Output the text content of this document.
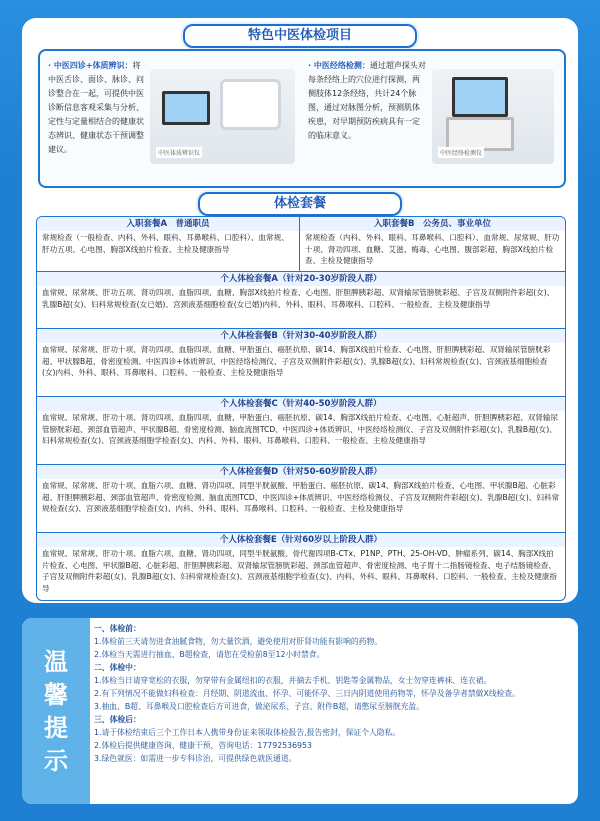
特色中医体检项目
· 中医四诊+体质辨识：将中医舌诊、面诊、脉诊、问诊整合在一起，可提供中医诊断信息客观采集与分析、定性与定量相结合的健康状态辨识、健康状态干预调整建议。	中医体质辨识仪
· 中医经络检测：通过超声探头对每条经络上的穴位进行探测，两侧肢体12条经络，共计24个脉图，通过对脉图分析，预测肌体疾患，对早期预防疾病具有一定的临床意义。
中医经络检测仪
体检套餐
入职套餐A　普通职员
常规检查（一般检查、内科、外科、眼科、耳鼻喉科、口腔科）、血常规、肝功五项、心电图、胸部X线拍片检查、主检及健康指导
入职套餐B　公务员、事业单位
常规检查（内科、外科、眼科、耳鼻喉科、口腔科）、血常规、尿常规、肝功十项、肾功四项、血糖、艾滋、梅毒、心电图、腹部彩超、胸部X线拍片检查、主检及健康指导
个人体检套餐A（针对20-30岁阶段人群）
血常规、尿常规、肝功五项、肾功四项、血脂四项、血糖、胸部X线拍片检查、心电图、肝胆脾胰彩超、双肾输尿管膀胱彩超、子宫及双侧附件彩超(女)、乳腺B超(女)、妇科常规检查(女已婚)、宫颈液基细胞检查(女已婚)内科、外科、眼科、耳鼻喉科、口腔科、一般检查、主检及健康指导
个人体检套餐B（针对30-40岁阶段人群）
血常规、尿常规、肝功十项、肾功四项、血脂四项、血糖、甲胎蛋白、癌胚抗原、碳14、胸部X线拍片检查、心电图、肝胆脾胰彩超、双肾输尿管膀胱彩超、甲状腺B超、骨密度检测、中医四诊+体质辨识、中医经络检测仪、子宫及双侧附件彩超(女)、乳腺B超(女)、妇科常规检查(女)、宫颈液基细胞检查(女)内科、外科、眼科、耳鼻喉科、口腔科、一般检查、主检及健康指导
个人体检套餐C（针对40-50岁阶段人群）
血常规、尿常规、肝功十项、肾功四项、血脂四项、血糖、甲胎蛋白、癌胚抗原、碳14、胸部X线拍片检查、心电图、心脏超声、肝胆脾胰彩超、双肾输尿管膀胱彩超、颈部血管超声、甲状腺B超、骨密度检测、脑血流图TCD、中医四诊+体质辨识、中医经络检测仪、子宫及双侧附件彩超(女)、乳腺B超(女)、妇科常规检查(女)、宫颈液基细胞学检查(女)、内科、外科、眼科、耳鼻喉科、口腔科、一般检查、主检及健康指导
个人体检套餐D（针对50-60岁阶段人群）
血常规、尿常规、肝功十项、血脂六项、血糖、肾功四项、同型半胱氨酸、甲胎蛋白、癌胚抗原、碳14、胸部X线拍片检查、心电图、甲状腺B超、心脏彩超、肝胆脾胰彩超、颈部血管超声、骨密度检测、脑血流图TCD、中医四诊+体质辨识、中医经络检测仪、子宫及双侧附件彩超(女)、乳腺B超(女)、妇科常规检查(女)、宫颈液基细胞学检查(女)、内科、外科、眼科、耳鼻喉科、口腔科、一般检查、主检及健康指导
个人体检套餐E（针对60岁以上阶段人群）
血常规、尿常规、肝功十项、血脂六项、血糖、肾功四项、同型半胱氨酸、骨代谢四项B-CTx、P1NP、PTH、25-OH-VD、肿瘤系列、碳14、胸部X线拍片检查、心电图、甲状腺B超、心脏彩超、肝胆脾胰彩超、双肾输尿管膀胱彩超、颈部血管超声、骨密度检测、电子胃十二指肠镜检查、电子结肠镜检查、子宫及双侧附件彩超(女)、乳腺B超(女)、妇科常规检查(女)、宫颈液基细胞学检查(女)、内科、外科、眼科、耳鼻喉科、口腔科、一般检查、主检及健康指导
温馨提示
一、体检前：
1.体检前三天请勿进食油腻食物，勿大量饮酒，避免使用对肝肾功能有影响的药物。
2.体检当天需进行抽血、B超检查，请您在受检前8至12小时禁食。
二、体检中：
1.体检当日请穿宽松的衣服，勿穿带有金属纽扣的衣服，并摘去手机、钥匙等金属物品，女士勿穿连裤袜、连衣裙。
2.有下列情况不能做妇科检查：月经期、阴道流血、怀孕、可能怀孕、三日内阴道使用药物等，怀孕及备孕者禁做X线检查。
3.抽血、B超、耳鼻喉及口腔检查后方可进食，做泌尿系、子宫、附件B超，请憋尿至膀胱充盈。
三、体检后：
1.请于体检结束后三个工作日本人携带身份证来领取体检报告,报告密封，保证个人隐私。
2.体检后提供健康咨询、健康干预，咨询电话：17792536953
3.绿色就医：如需进一步专科诊治，可提供绿色就医通道。
